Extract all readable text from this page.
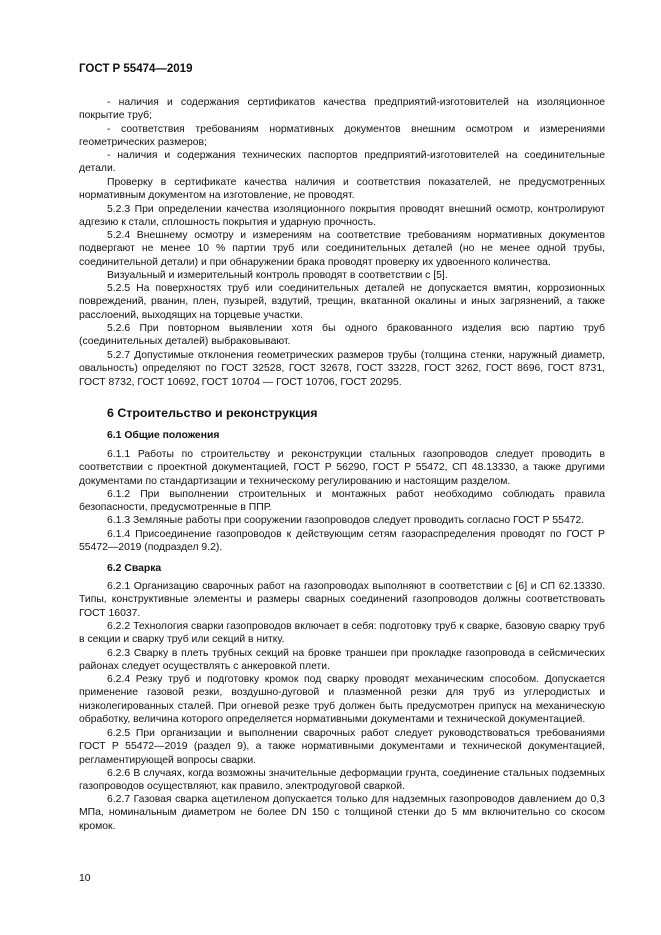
ГОСТ Р 55474—2019

- наличия и содержания сертификатов качества предприятий-изготовителей на изоляционное покрытие труб;

- соответствия требованиям нормативных документов внешним осмотром и измерениями геометрических размеров;

- наличия и содержания технических паспортов предприятий-изготовителей на соединительные детали.

Проверку в сертификате качества наличия и соответствия показателей, не предусмотренных нормативным документом на изготовление, не проводят.

5.2.3 При определении качества изоляционного покрытия проводят внешний осмотр, контролируют адгезию к стали, сплошность покрытия и ударную прочность.

5.2.4 Внешнему осмотру и измерениям на соответствие требованиям нормативных документов подвергают не менее 10 % партии труб или соединительных деталей (но не менее одной трубы, соединительной детали) и при обнаружении брака проводят проверку их удвоенного количества.

Визуальный и измерительный контроль проводят в соответствии с [5].

5.2.5 На поверхностях труб или соединительных деталей не допускается вмятин, коррозионных повреждений, рванин, плен, пузырей, вздутий, трещин, вкатанной окалины и иных загрязнений, а также расслоений, выходящих на торцевые участки.

5.2.6 При повторном выявлении хотя бы одного бракованного изделия всю партию труб (соединительных деталей) выбраковывают.

5.2.7 Допустимые отклонения геометрических размеров трубы (толщина стенки, наружный диаметр, овальность) определяют по ГОСТ 32528, ГОСТ 32678, ГОСТ 33228, ГОСТ 3262, ГОСТ 8696, ГОСТ 8731, ГОСТ 8732, ГОСТ 10692, ГОСТ 10704 — ГОСТ 10706, ГОСТ 20295.

6 Строительство и реконструкция
6.1 Общие положения

6.1.1 Работы по строительству и реконструкции стальных газопроводов следует проводить в соответствии с проектной документацией, ГОСТ Р 56290, ГОСТ Р 55472, СП 48.13330, а также другими документами по стандартизации и техническому регулированию и настоящим разделом.

6.1.2 При выполнении строительных и монтажных работ необходимо соблюдать правила безопасности, предусмотренные в ППР.

6.1.3 Земляные работы при сооружении газопроводов следует проводить согласно ГОСТ Р 55472.

6.1.4 Присоединение газопроводов к действующим сетям газораспределения проводят по ГОСТ Р 55472—2019 (подраздел 9.2).

6.2 Сварка

6.2.1 Организацию сварочных работ на газопроводах выполняют в соответствии с [6] и СП 62.13330. Типы, конструктивные элементы и размеры сварных соединений газопроводов должны соответствовать ГОСТ 16037.

6.2.2 Технология сварки газопроводов включает в себя: подготовку труб к сварке, базовую сварку труб в секции и сварку труб или секций в нитку.

6.2.3 Сварку в плеть трубных секций на бровке траншеи при прокладке газопровода в сейсмических районах следует осуществлять с анкеровкой плети.

6.2.4 Резку труб и подготовку кромок под сварку проводят механическим способом. Допускается применение газовой резки, воздушно-дуговой и плазменной резки для труб из углеродистых и низколегированных сталей. При огневой резке труб должен быть предусмотрен припуск на механическую обработку, величина которого определяется нормативными документами и технической документацией.

6.2.5 При организации и выполнении сварочных работ следует руководствоваться требованиями ГОСТ Р 55472—2019 (раздел 9), а также нормативными документами и технической документацией, регламентирующей вопросы сварки.

6.2.6 В случаях, когда возможны значительные деформации грунта, соединение стальных подземных газопроводов осуществляют, как правило, электродуговой сваркой.

6.2.7 Газовая сварка ацетиленом допускается только для надземных газопроводов давлением до 0,3 МПа, номинальным диаметром не более DN 150 с толщиной стенки до 5 мм включительно со скосом кромок.

10
